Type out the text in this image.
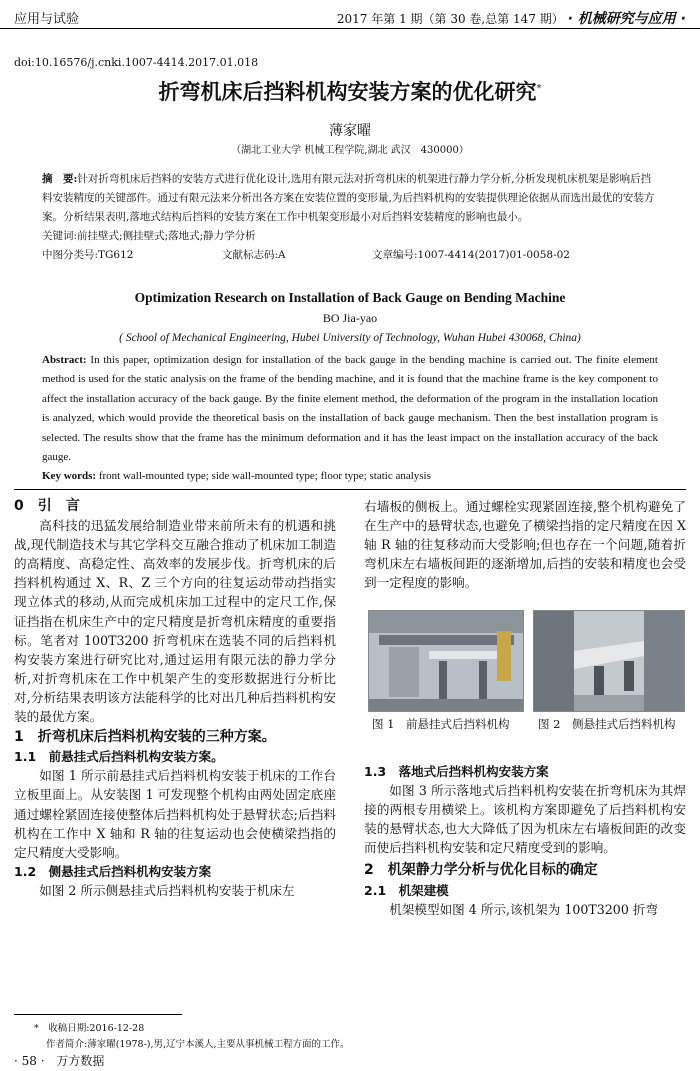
应用与试验	2017 年第 1 期（第 30 卷,总第 147 期） · 机械研究与应用 ·
doi:10.16576/j.cnki.1007-4414.2017.01.018
折弯机床后挡料机构安装方案的优化研究*
薄家曜
（湖北工业大学 机械工程学院,湖北 武汉　430000）

摘　要:针对折弯机床后挡料的安装方式进行优化设计,选用有限元法对折弯机床的机架进行静力学分析,分析发现机床机架是影响后挡料安装精度的关键部件。通过有限元法来分析出各方案在安装位置的变形量,为后挡料机构的安装提供理论依据从而选出最优的安装方案。分析结果表明,落地式结构后挡料的安装方案在工作中机架变形最小对后挡料安装精度的影响也最小。

关键词:前挂壁式;侧挂壁式;落地式;静力学分析

中图分类号:TG612	文献标志码:A	文章编号:1007-4414(2017)01-0058-02

Optimization Research on Installation of Back Gauge on Bending Machine
BO Jia-yao
( School of Mechanical Engineering, Hubei University of Technology, Wuhan Hubei 430068, China)
Abstract: In this paper, optimization design for installation of the back gauge in the bending machine is carried out. The finite element method is used for the static analysis on the frame of the bending machine, and it is found that the machine frame is the key component to affect the installation accuracy of the back gauge. By the finite element method, the deformation of the program in the installation location is analyzed, which would provide the theoretical basis on the installation of back gauge mechanism. Then the best installation program is selected. The results show that the frame has the minimum deformation and it has the least impact on the installation accuracy of the back gauge.
Key words: front wall-mounted type; side wall-mounted type; floor type; static analysis

0　引　言

高科技的迅猛发展给制造业带来前所未有的机遇和挑战,现代制造技术与其它学科交互融合推动了机床加工制造的高精度、高稳定性、高效率的发展步伐。折弯机床的后挡料机构通过 X、R、Z 三个方向的往复运动带动挡指实现立体式的移动,从而完成机床加工过程中的定尺工作,保证挡指在机床生产中的定尺精度是折弯机床精度的重要指标。笔者对 100T3200 折弯机床在选装不同的后挡料机构安装方案进行研究比对,通过运用有限元法的静力学分析,对折弯机床在工作中机架产生的变形数据进行分析比对,分析结果表明该方法能科学的比对出几种后挡料机构安装的最优方案。

1　折弯机床后挡料机构安装的三种方案。

1.1　前悬挂式后挡料机构安装方案。

如图 1 所示前悬挂式后挡料机构安装于机床的工作台立板里面上。从安装图 1 可发现整个机构由两处固定底座通过螺栓紧固连接使整体后挡料机构处于悬臂状态;后挡料机构在工作中 X 轴和 R 轴的往复运动也会使横梁挡指的定尺精度大受影响。

1.2　侧悬挂式后挡料机构安装方案

如图 2 所示侧悬挂式后挡料机构安装于机床左

右墙板的侧板上。通过螺栓实现紧固连接,整个机构避免了在生产中的悬臂状态,也避免了横梁挡指的定尺精度在因 X 轴 R 轴的往复移动而大受影响;但也存在一个问题,随着折弯机床左右墙板间距的逐渐增加,后挡的安装和精度也会受到一定程度的影响。

图 1　前悬挂式后挡料机构 图 2　侧悬挂式后挡料机构

1.3　落地式后挡料机构安装方案

如图 3 所示落地式后挡料机构安装在折弯机床为其焊接的两根专用横梁上。该机构方案即避免了后挡料机构安装的悬臂状态,也大大降低了因为机床左右墙板间距的改变而使后挡料机构安装和定尺精度受到的影响。

2　机架静力学分析与优化目标的确定

2.1　机架建模

机架模型如图 4 所示,该机架为 100T3200 折弯

*　收稿日期:2016-12-28
作者简介:薄家曜(1978-),男,辽宁本溪人,主要从事机械工程方面的工作。
· 58 · 万方数据
